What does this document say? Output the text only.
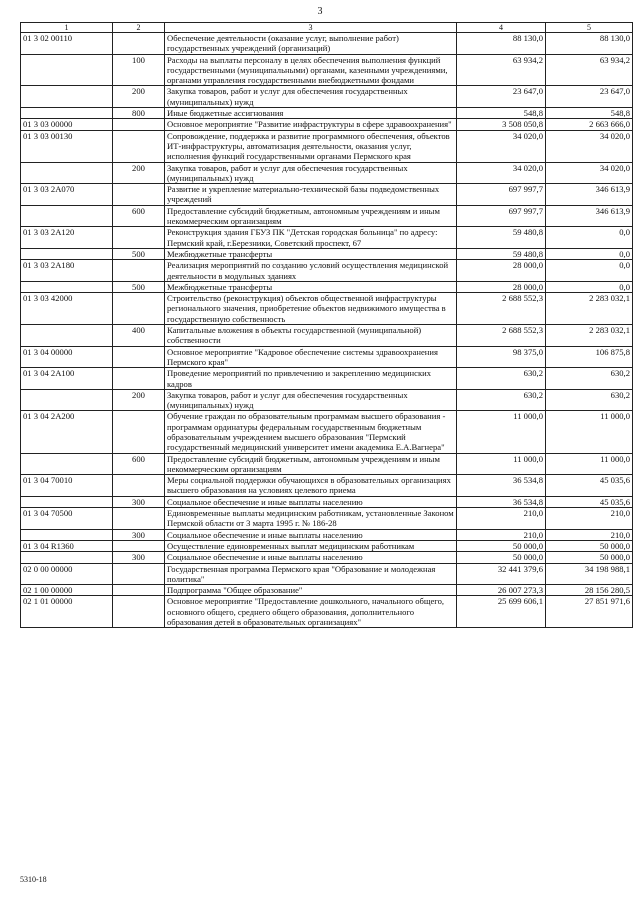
3
1	2	3	4	5
01 3 02 00110		Обеспечение деятельности (оказание услуг, выполнение работ) государственных учреждений (организаций)	88 130,0	88 130,0
	100	Расходы на выплаты персоналу в целях обеспечения выполнения функций государственными (муниципальными) органами, казенными учреждениями, органами управления государственными внебюджетными фондами	63 934,2	63 934,2
	200	Закупка товаров, работ и услуг для обеспечения государственных (муниципальных) нужд	23 647,0	23 647,0
	800	Иные бюджетные ассигнования	548,8	548,8
01 3 03 00000		Основное мероприятие "Развитие инфраструктуры в сфере здравоохранения"	3 508 050,8	2 663 666,0
01 3 03 00130		Сопровождение, поддержка и развитие программного обеспечения, объектов ИТ-инфраструктуры, автоматизация деятельности, оказания услуг, исполнения функций государственными органами Пермского края	34 020,0	34 020,0
	200	Закупка товаров, работ и услуг для обеспечения государственных (муниципальных) нужд	34 020,0	34 020,0
01 3 03 2A070		Развитие и укрепление материально-технической базы подведомственных учреждений	697 997,7	346 613,9
	600	Предоставление субсидий бюджетным, автономным учреждениям и иным некоммерческим организациям	697 997,7	346 613,9
01 3 03 2A120		Реконструкция здания ГБУЗ ПК "Детская городская больница" по адресу: Пермский край, г.Березники, Советский проспект, 67	59 480,8	0,0
	500	Межбюджетные трансферты	59 480,8	0,0
01 3 03 2A180		Реализация мероприятий по созданию условий осуществления медицинской деятельности в модульных зданиях	28 000,0	0,0
	500	Межбюджетные трансферты	28 000,0	0,0
01 3 03 42000		Строительство (реконструкция) объектов общественной инфраструктуры регионального значения, приобретение объектов недвижимого имущества в государственную собственность	2 688 552,3	2 283 032,1
	400	Капитальные вложения в объекты государственной (муниципальной) собственности	2 688 552,3	2 283 032,1
01 3 04 00000		Основное мероприятие "Кадровое обеспечение системы здравоохранения Пермского края"	98 375,0	106 875,8
01 3 04 2A100		Проведение мероприятий по привлечению и закреплению медицинских кадров	630,2	630,2
	200	Закупка товаров, работ и услуг для обеспечения государственных (муниципальных) нужд	630,2	630,2
01 3 04 2A200		Обучение граждан по образовательным программам высшего образования - программам ординатуры федеральным государственным бюджетным образовательным учреждением высшего образования "Пермский государственный медицинский университет имени академика Е.А.Вагнера"	11 000,0	11 000,0
	600	Предоставление субсидий бюджетным, автономным учреждениям и иным некоммерческим организациям	11 000,0	11 000,0
01 3 04 70010		Меры социальной поддержки обучающихся в образовательных организациях высшего образования на условиях целевого приема	36 534,8	45 035,6
	300	Социальное обеспечение и иные выплаты населению	36 534,8	45 035,6
01 3 04 70500		Единовременные выплаты медицинским работникам, установленные Законом Пермской области от 3 марта 1995 г. № 186-28	210,0	210,0
	300	Социальное обеспечение и иные выплаты населению	210,0	210,0
01 3 04 R1360		Осуществление единовременных выплат медицинским работникам	50 000,0	50 000,0
	300	Социальное обеспечение и иные выплаты населению	50 000,0	50 000,0
02 0 00 00000		Государственная программа Пермского края "Образование и молодежная политика"	32 441 379,6	34 198 988,1
02 1 00 00000		Подпрограмма "Общее образование"	26 007 273,3	28 156 280,5
02 1 01 00000		Основное мероприятие "Предоставление дошкольного, начального общего, основного общего, среднего общего образования, дополнительного образования детей в образовательных организациях"	25 699 606,1	27 851 971,6
5310-18
